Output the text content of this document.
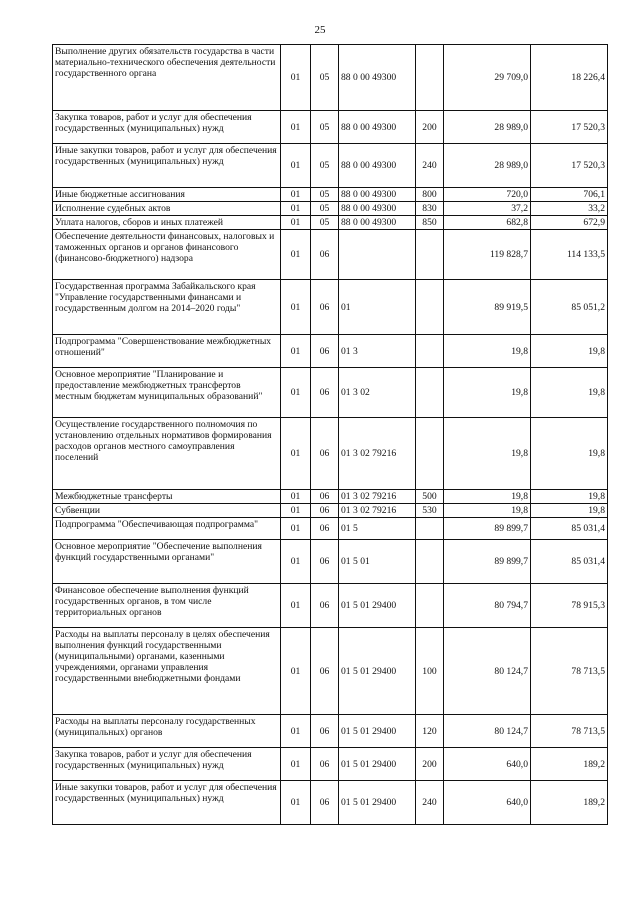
25
Выполнение других обязательств государства в части материально-технического обеспечения деятельности государственного органа	01	05	88 0 00 49300		29 709,0	18 226,4
Закупка товаров, работ и услуг для обеспечения государственных (муниципальных) нужд	01	05	88 0 00 49300	200	28 989,0	17 520,3
Иные закупки товаров, работ и услуг для обеспечения государственных (муниципальных) нужд	01	05	88 0 00 49300	240	28 989,0	17 520,3
Иные бюджетные ассигнования	01	05	88 0 00 49300	800	720,0	706,1
Исполнение судебных актов	01	05	88 0 00 49300	830	37,2	33,2
Уплата налогов, сборов и иных платежей	01	05	88 0 00 49300	850	682,8	672,9
Обеспечение деятельности финансовых, налоговых и таможенных органов и органов финансового (финансово-бюджетного) надзора	01	06			119 828,7	114 133,5
Государственная программа Забайкальского края "Управление государственными финансами и государственным долгом на 2014–2020 годы"	01	06	01		89 919,5	85 051,2
Подпрограмма "Совершенствование межбюджетных отношений"	01	06	01 3		19,8	19,8
Основное мероприятие "Планирование и предоставление межбюджетных трансфертов местным бюджетам муниципальных образований"	01	06	01 3 02		19,8	19,8
Осуществление государственного полномочия по установлению отдельных нормативов формирования расходов органов местного самоуправления поселений	01	06	01 3 02 79216		19,8	19,8
Межбюджетные трансферты	01	06	01 3 02 79216	500	19,8	19,8
Субвенции	01	06	01 3 02 79216	530	19,8	19,8
Подпрограмма "Обеспечивающая подпрограмма"	01	06	01 5		89 899,7	85 031,4
Основное мероприятие "Обеспечение выполнения функций государственными органами"	01	06	01 5 01		89 899,7	85 031,4
Финансовое обеспечение выполнения функций государственных органов, в том числе территориальных органов	01	06	01 5 01 29400		80 794,7	78 915,3
Расходы на выплаты персоналу в целях обеспечения выполнения функций государственными (муниципальными) органами, казенными учреждениями, органами управления государственными внебюджетными фондами	01	06	01 5 01 29400	100	80 124,7	78 713,5
Расходы на выплаты персоналу государственных (муниципальных) органов	01	06	01 5 01 29400	120	80 124,7	78 713,5
Закупка товаров, работ и услуг для обеспечения государственных (муниципальных) нужд	01	06	01 5 01 29400	200	640,0	189,2
Иные закупки товаров, работ и услуг для обеспечения государственных (муниципальных) нужд	01	06	01 5 01 29400	240	640,0	189,2
